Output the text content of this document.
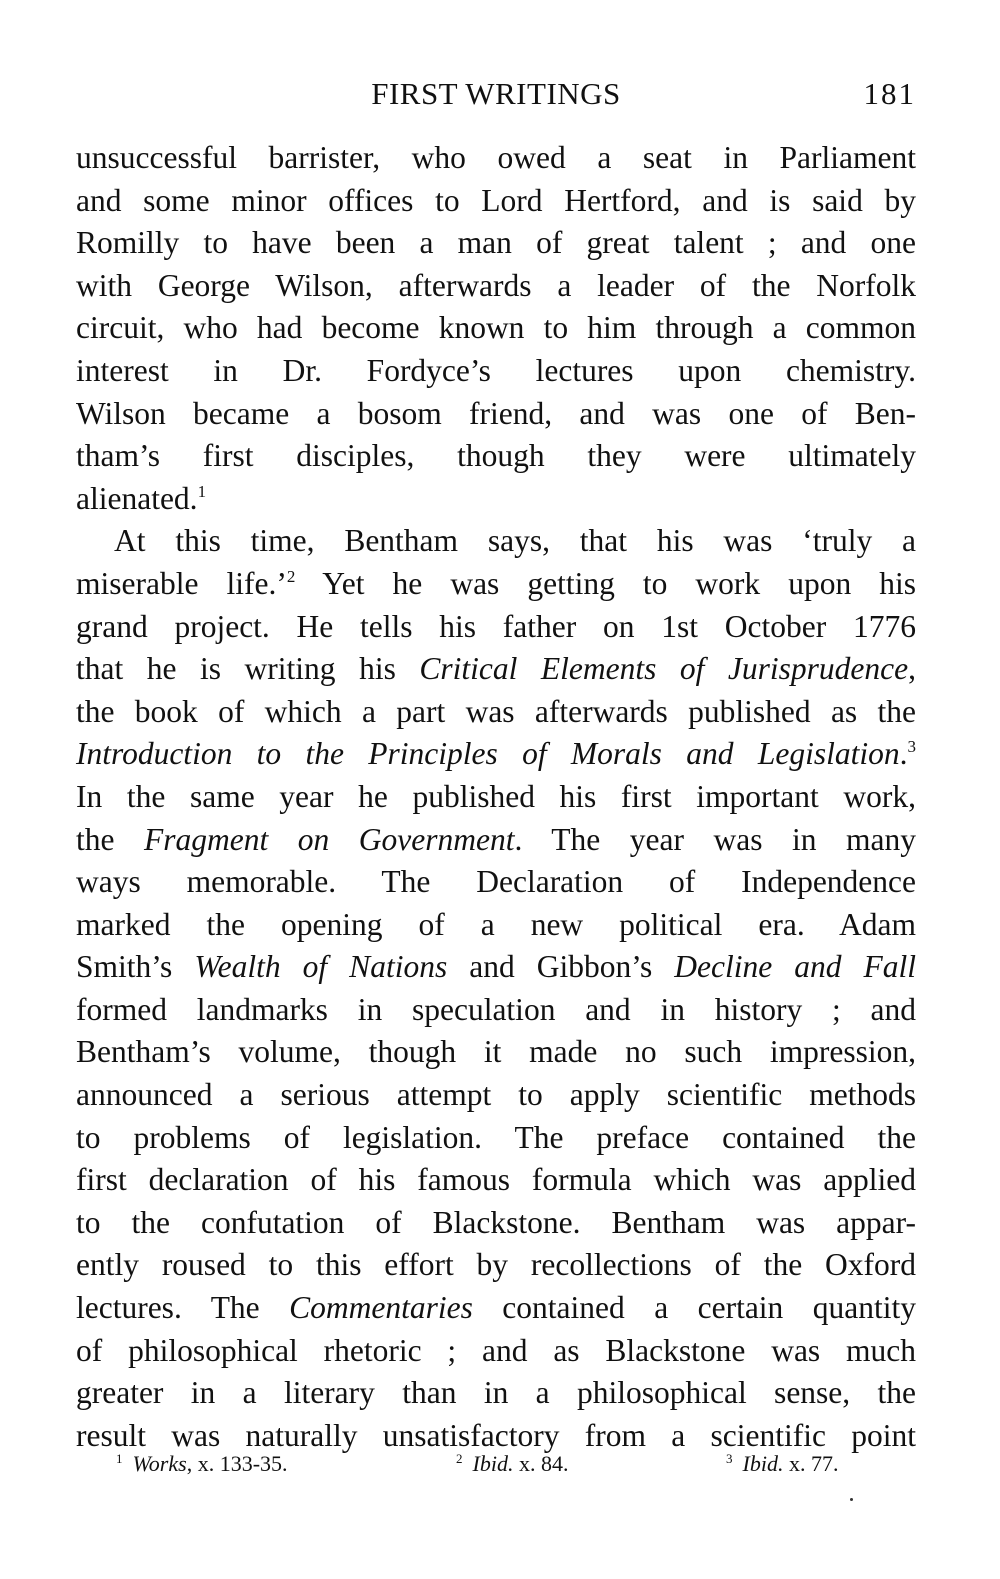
FIRST WRITINGS	181
unsuccessful barrister, who owed a seat in Parliament
and some minor offices to Lord Hertford, and is said by
Romilly to have been a man of great talent ; and one
with George Wilson, afterwards a leader of the Norfolk
circuit, who had become known to him through a common
interest in Dr. Fordyce’s lectures upon chemistry.
Wilson became a bosom friend, and was one of Ben-
tham’s first disciples, though they were ultimately
alienated.$^1$
At this time, Bentham says, that his was ‘truly a
miserable life.’$^2$ Yet he was getting to work upon his
grand project. He tells his father on 1st October 1776
that he is writing his Critical Elements of Jurisprudence,
the book of which a part was afterwards published as the
Introduction to the Principles of Morals and Legislation.$^3$
In the same year he published his first important work,
the Fragment on Government. The year was in many
ways memorable. The Declaration of Independence
marked the opening of a new political era. Adam
Smith’s Wealth of Nations and Gibbon’s Decline and Fall
formed landmarks in speculation and in history ; and
Bentham’s volume, though it made no such impression,
announced a serious attempt to apply scientific methods
to problems of legislation. The preface contained the
first declaration of his famous formula which was applied
to the confutation of Blackstone. Bentham was appar-
ently roused to this effort by recollections of the Oxford
lectures. The Commentaries contained a certain quantity
of philosophical rhetoric ; and as Blackstone was much
greater in a literary than in a philosophical sense, the
result was naturally unsatisfactory from a scientific point
$^1$ Works, x. 133-35.	$^2$ Ibid. x. 84.	$^3$ Ibid. x. 77.
